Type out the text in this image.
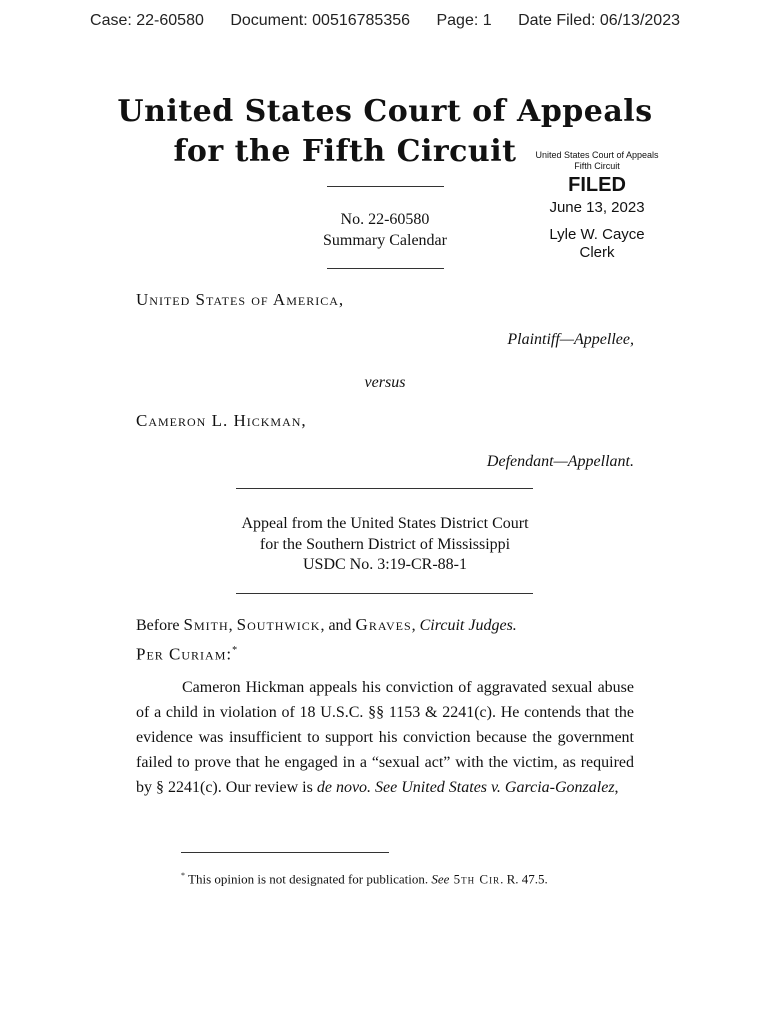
Case: 22-60580 Document: 00516785356 Page: 1 Date Filed: 06/13/2023
United States Court of Appeals
for the Fifth Circuit	United States Court of Appeals
Fifth Circuit
FILED
June 13, 2023
Lyle W. Cayce
Clerk
No. 22-60580
Summary Calendar
United States of America,
Plaintiff—Appellee,
versus
Cameron L. Hickman,
Defendant—Appellant.
Appeal from the United States District Court
for the Southern District of Mississippi
USDC No. 3:19-CR-88-1
Before Smith, Southwick, and Graves, Circuit Judges.
Per Curiam:*
Cameron Hickman appeals his conviction of aggravated sexual abuse of a child in violation of 18 U.S.C. §§ 1153 & 2241(c). He contends that the evidence was insufficient to support his conviction because the government failed to prove that he engaged in a “sexual act” with the victim, as required by § 2241(c). Our review is de novo. See United States v. Garcia-Gonzalez,
* This opinion is not designated for publication. See 5th Cir. R. 47.5.
